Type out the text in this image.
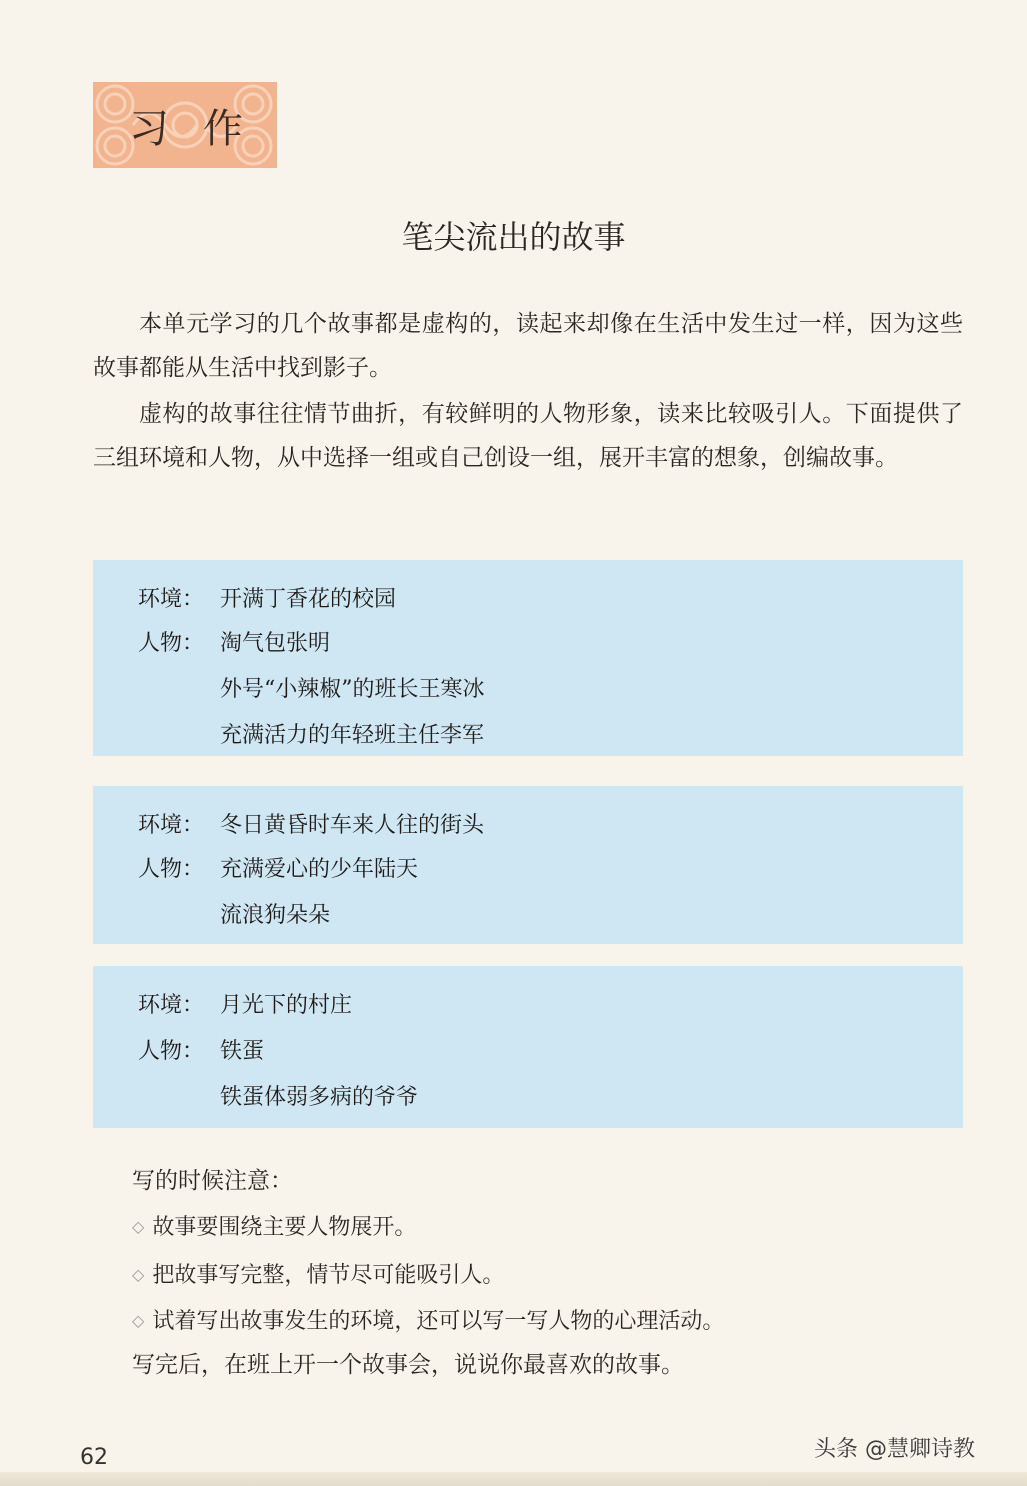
习作
笔尖流出的故事

本单元学习的几个故事都是虚构的，读起来却像在生活中发生过一样，因为这些故事都能从生活中找到影子。

虚构的故事往往情节曲折，有较鲜明的人物形象，读来比较吸引人。下面提供了三组环境和人物，从中选择一组或自己创设一组，展开丰富的想象，创编故事。

环境： 开满丁香花的校园
人物： 淘气包张明
外号“小辣椒”的班长王寒冰
充满活力的年轻班主任李军
环境： 冬日黄昏时车来人往的街头
人物： 充满爱心的少年陆天
流浪狗朵朵
环境： 月光下的村庄
人物： 铁蛋
铁蛋体弱多病的爷爷
写的时候注意：
◇ 故事要围绕主要人物展开。
◇ 把故事写完整，情节尽可能吸引人。
◇ 试着写出故事发生的环境，还可以写一写人物的心理活动。
写完后，在班上开一个故事会，说说你最喜欢的故事。
62	头条 @慧卿诗教
